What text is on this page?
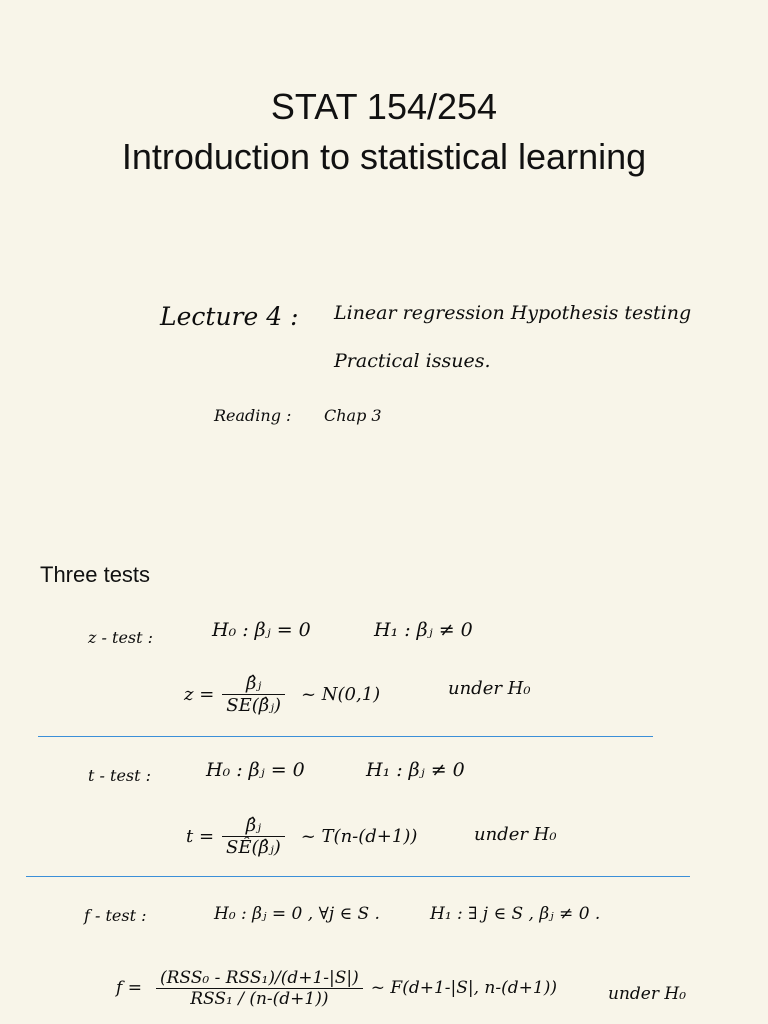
STAT 154/254
Introduction to statistical learning
Lecture 4 : Linear regression Hypothesis testing
Practical issues.
Reading : Chap 3
Three tests
z - test :	H₀ : βⱼ = 0	H₁ : βⱼ ≠ 0
$z = \frac{\text{β̂ⱼ}}{\text{SE(β̂ⱼ)}}$ ~ N(0,1)	under H₀
t - test :	H₀ : βⱼ = 0	H₁ : βⱼ ≠ 0
$t = \frac{\text{β̂ⱼ}}{\text{SÊ(β̂ⱼ)}}$ ~ T(n-(d+1))	under H₀
f - test :	H₀ : βⱼ = 0 , ∀j ∈ S .	H₁ : ∃ j ∈ S , βⱼ ≠ 0 .
$f = \frac{\text{(RSS₀ - RSS₁)/(d+1-|S|)}}{\text{RSS₁ / (n-(d+1))}}$ ~ F(d+1-|S|, n-(d+1))	under H₀
